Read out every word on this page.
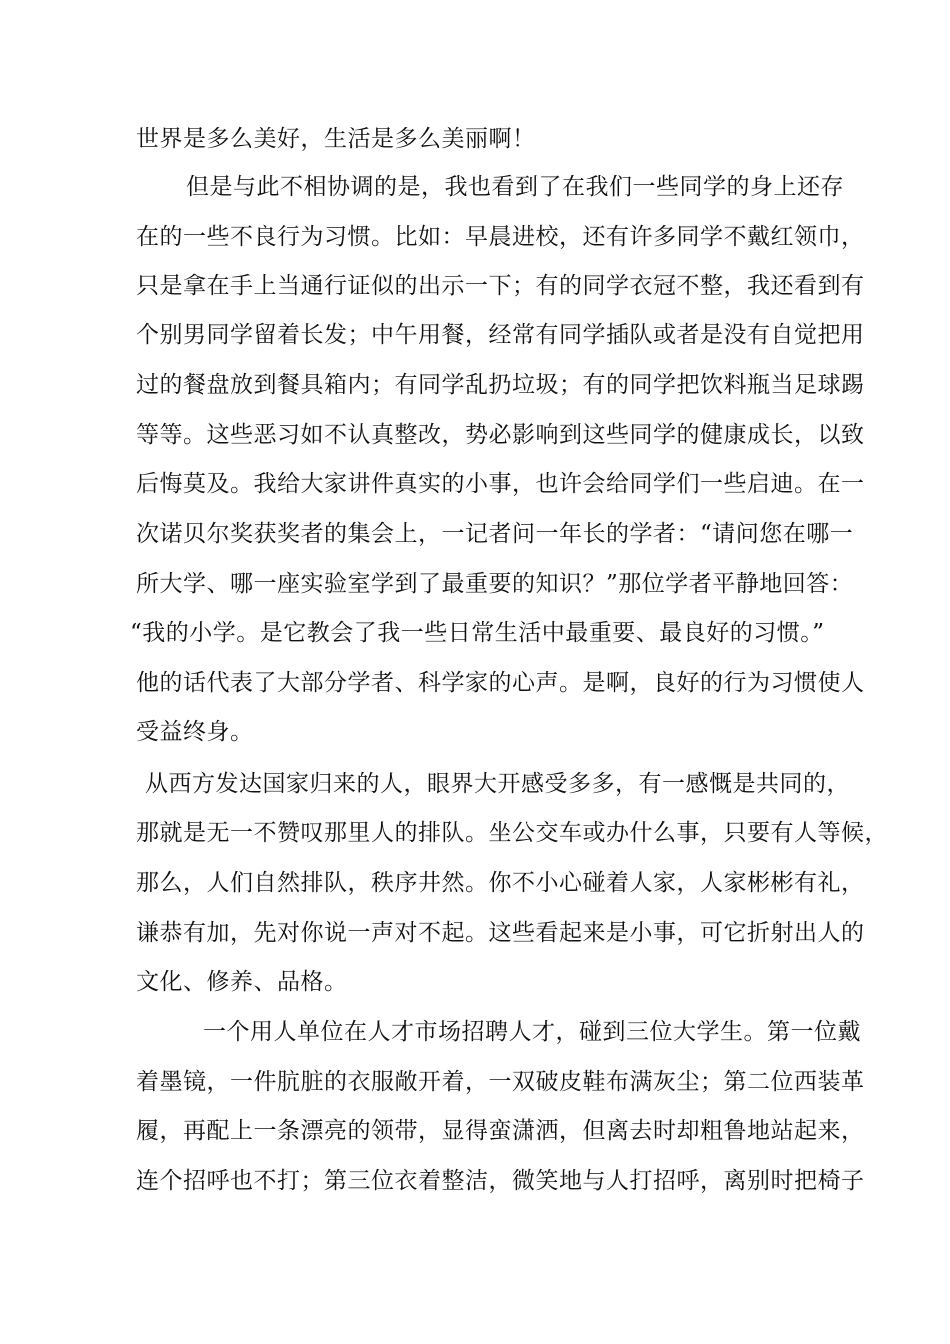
世界是多么美好，生活是多么美丽啊！

但是与此不相协调的是，我也看到了在我们一些同学的身上还存

在的一些不良行为习惯。比如：早晨进校，还有许多同学不戴红领巾，

只是拿在手上当通行证似的出示一下；有的同学衣冠不整，我还看到有

个别男同学留着长发；中午用餐，经常有同学插队或者是没有自觉把用

过的餐盘放到餐具箱内；有同学乱扔垃圾；有的同学把饮料瓶当足球踢

等等。这些恶习如不认真整改，势必影响到这些同学的健康成长，以致

后悔莫及。我给大家讲件真实的小事，也许会给同学们一些启迪。在一

次诺贝尔奖获奖者的集会上，一记者问一年长的学者：“请问您在哪一

所大学、哪一座实验室学到了最重要的知识？”那位学者平静地回答：

“我的小学。是它教会了我一些日常生活中最重要、最良好的习惯。”

他的话代表了大部分学者、科学家的心声。是啊，良好的行为习惯使人

受益终身。

从西方发达国家归来的人，眼界大开感受多多，有一感慨是共同的，

那就是无一不赞叹那里人的排队。坐公交车或办什么事，只要有人等候，

那么，人们自然排队，秩序井然。你不小心碰着人家，人家彬彬有礼，

谦恭有加，先对你说一声对不起。这些看起来是小事，可它折射出人的

文化、修养、品格。

一个用人单位在人才市场招聘人才，碰到三位大学生。第一位戴

着墨镜，一件肮脏的衣服敞开着，一双破皮鞋布满灰尘；第二位西装革

履，再配上一条漂亮的领带，显得蛮潇洒，但离去时却粗鲁地站起来，

连个招呼也不打；第三位衣着整洁，微笑地与人打招呼，离别时把椅子
